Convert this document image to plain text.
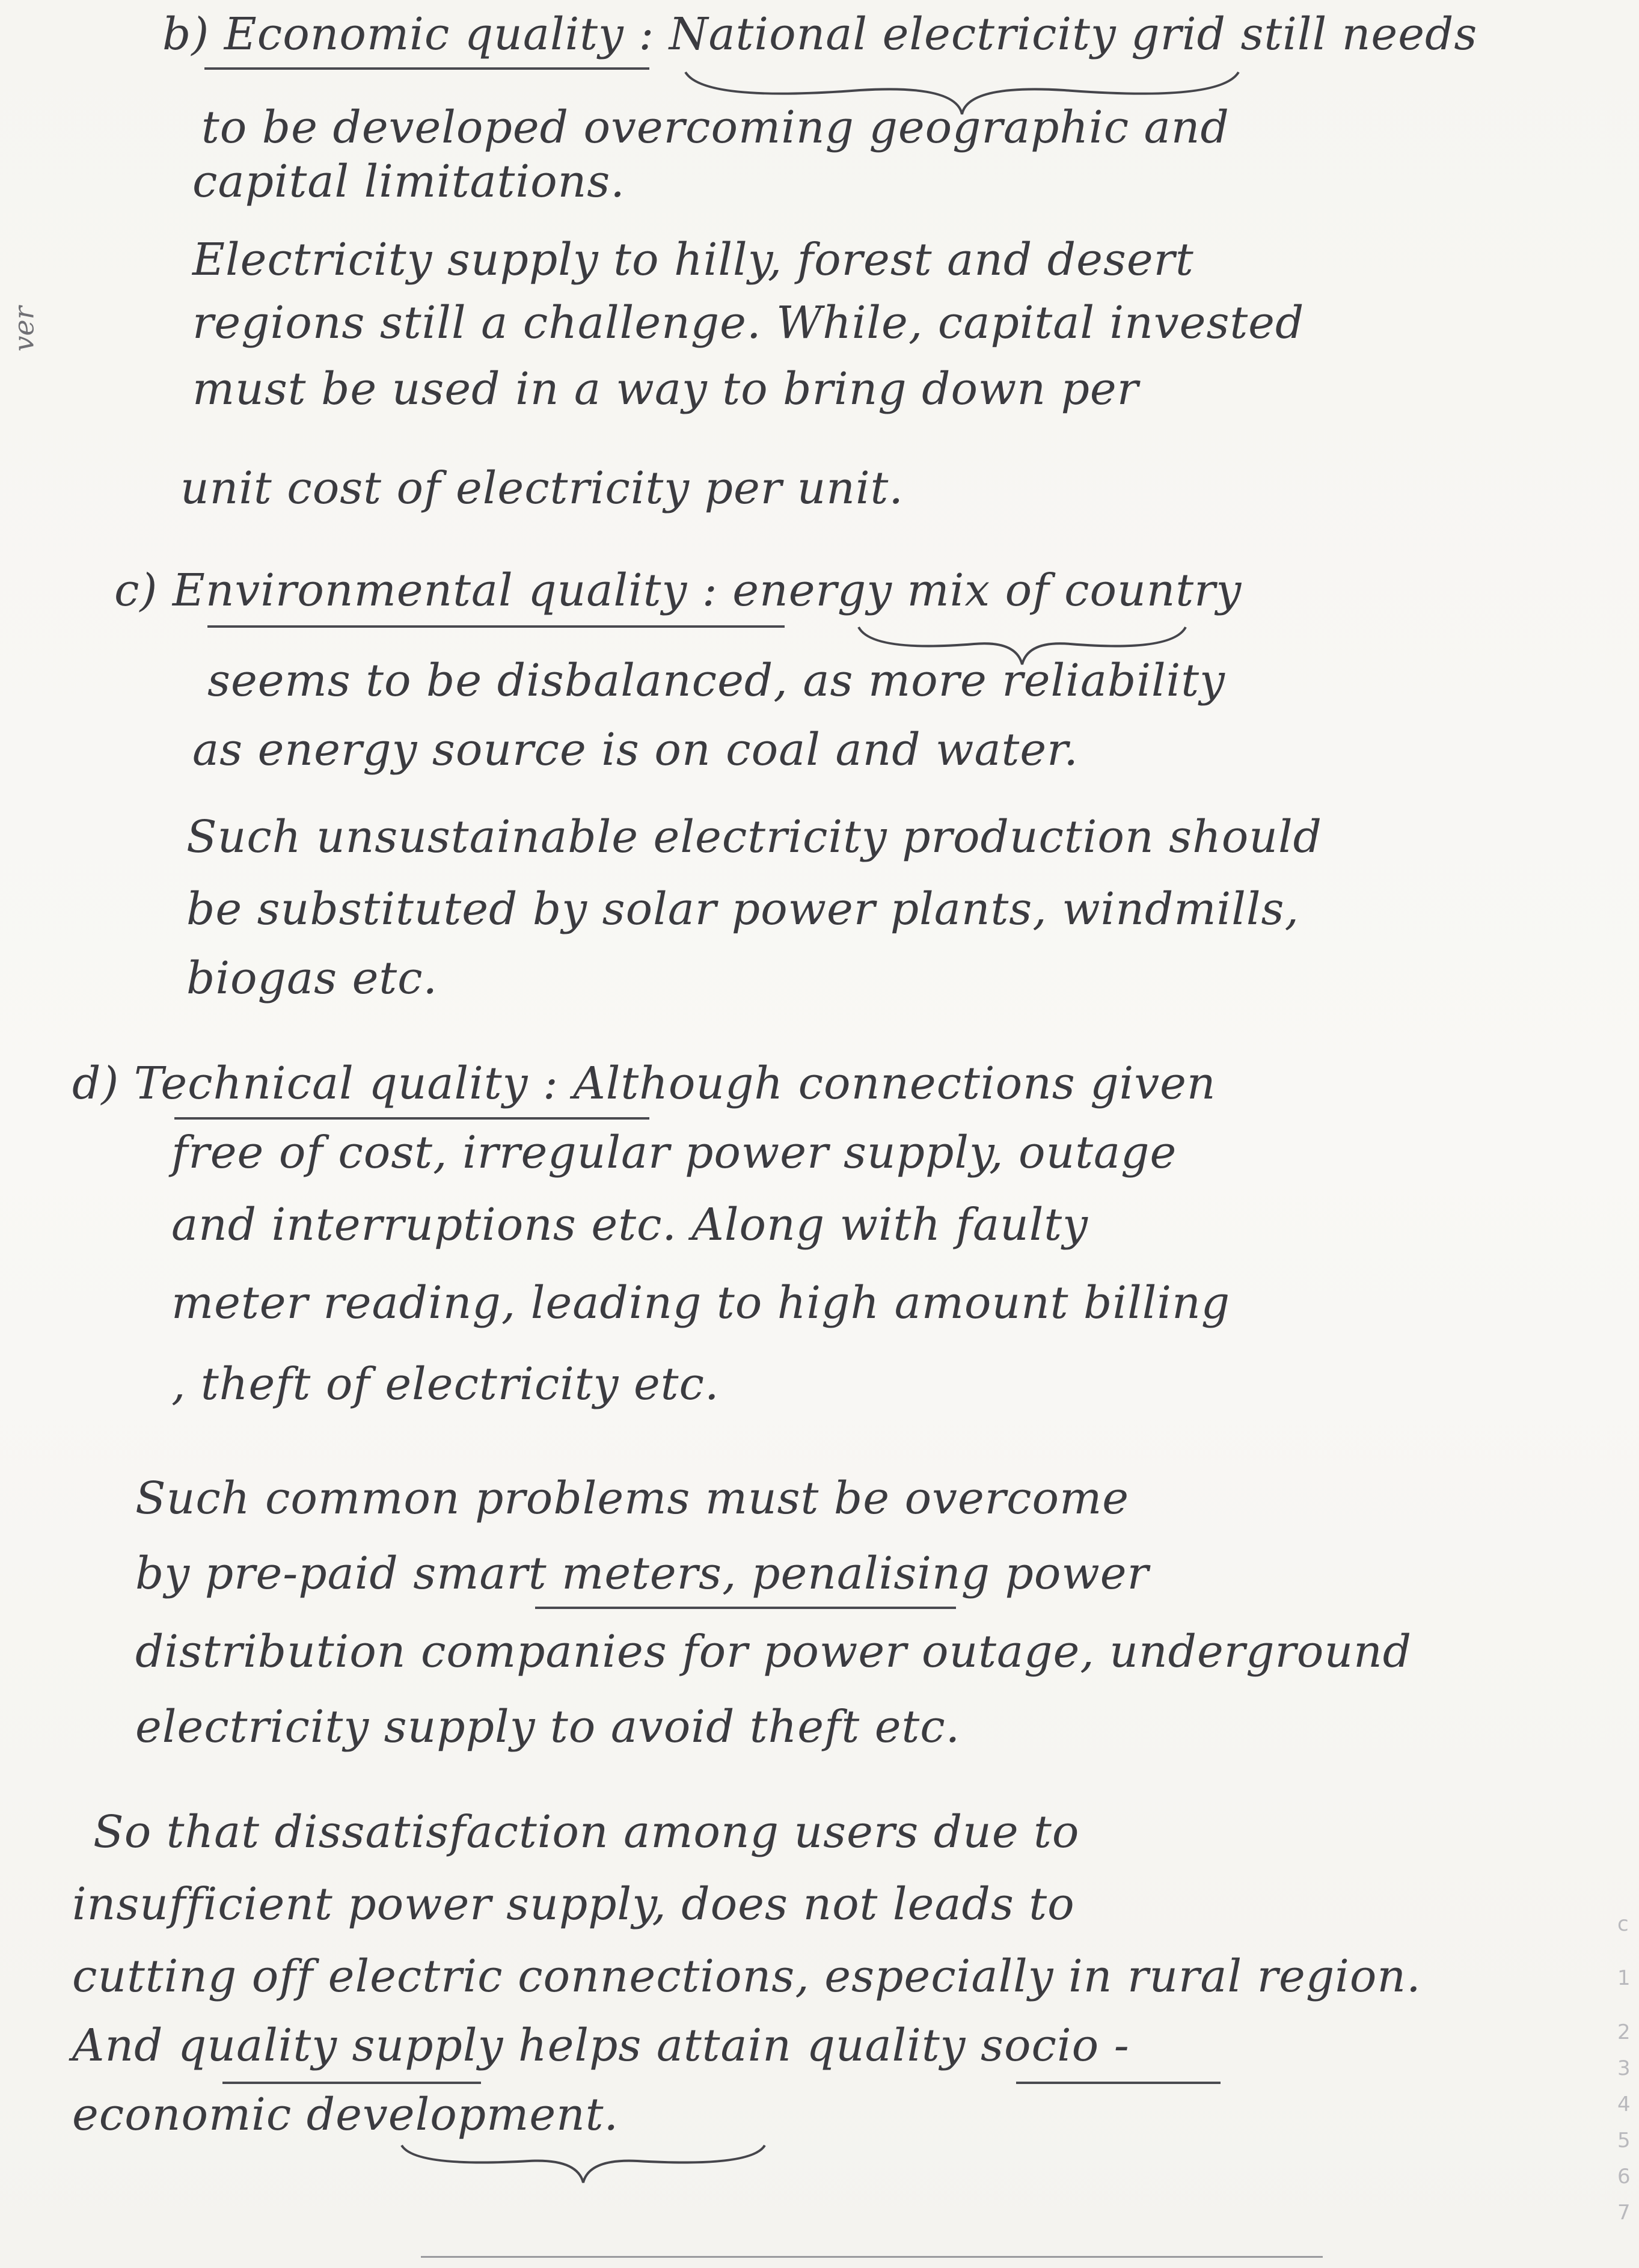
ver
b) Economic quality : National electricity grid still needs
to be developed overcoming geographic and
capital limitations.
Electricity supply to hilly, forest and desert
regions still a challenge. While, capital invested
must be used in a way to bring down per
unit cost of electricity per unit.
c) Environmental quality : energy mix of country
seems to be disbalanced, as more reliability
as energy source is on coal and water.
Such unsustainable electricity production should
be substituted by solar power plants, windmills,
biogas etc.
d) Technical quality : Although connections given
free of cost, irregular power supply, outage
and interruptions etc. Along with faulty
meter reading, leading to high amount billing
, theft of electricity etc.
Such common problems must be overcome
by pre-paid smart meters, penalising power
distribution companies for power outage, underground
electricity supply to avoid theft etc.
So that dissatisfaction among users due to
insufficient power supply, does not leads to
cutting off electric connections, especially in rural region.
And quality supply helps attain quality socio -
economic development.
c
1
2
3
4
5
6
7
